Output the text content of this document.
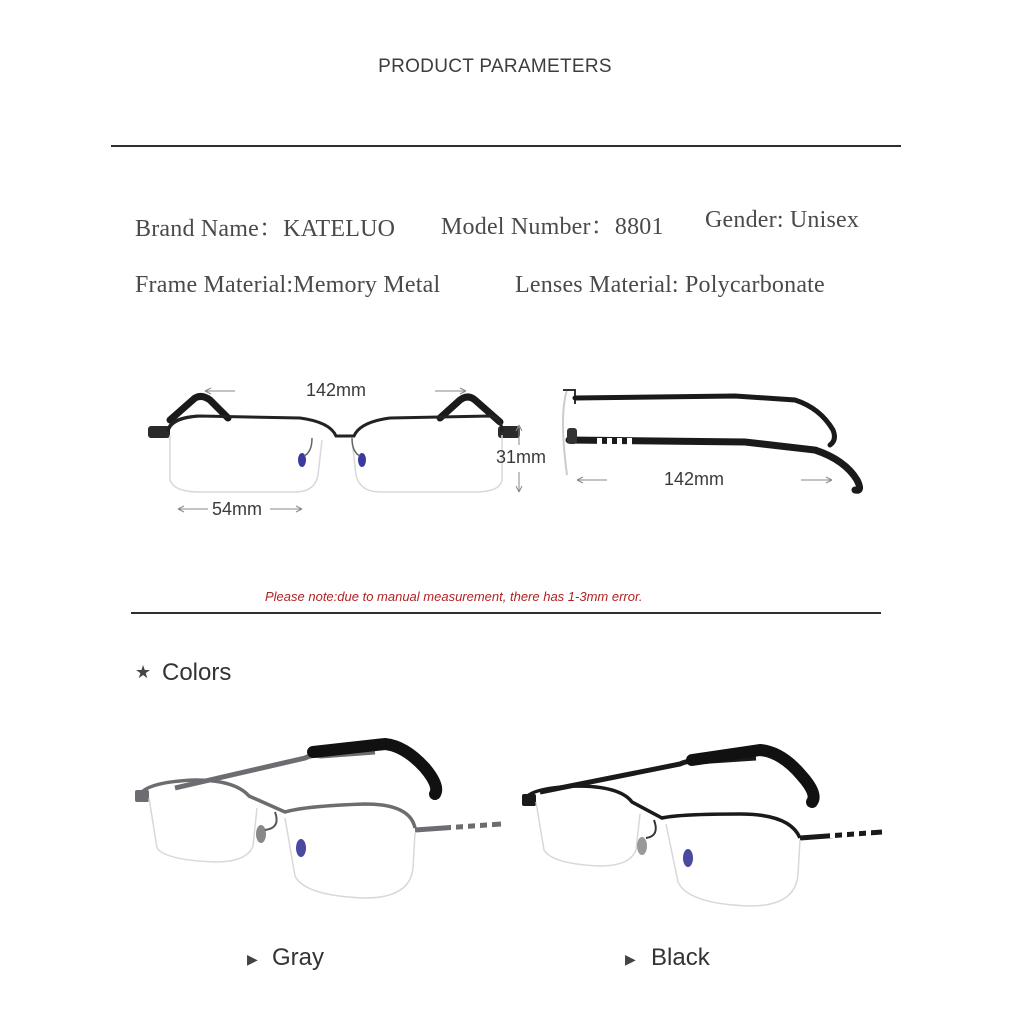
PRODUCT PARAMETERS
Brand Name：KATELUO Model Number：8801 Gender: Unisex
Frame Material:Memory Metal	Lenses Material: Polycarbonate
142mm
31mm
54mm
142mm
Please note:due to manual measurement, there has 1-3mm error.
★ Colors
▶ Gray	▶ Black
